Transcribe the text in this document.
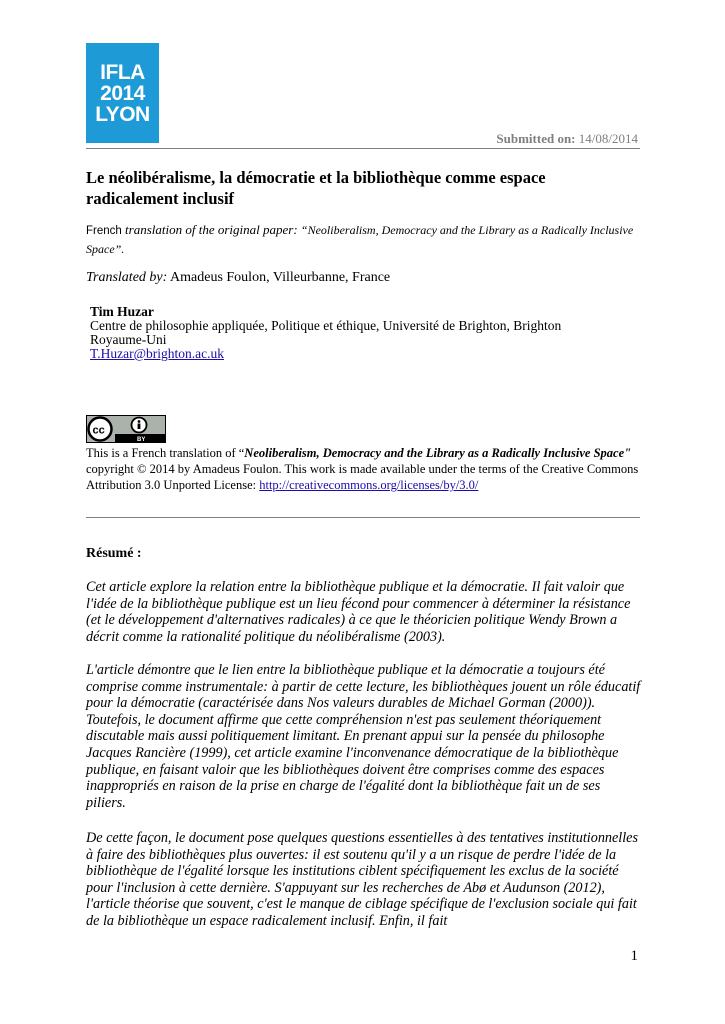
IFLA
2014
LYON
Submitted on: 14/08/2014
Le néolibéralisme, la démocratie et la bibliothèque comme espace radicalement inclusif
French translation of the original paper: “Neoliberalism, Democracy and the Library as a Radically Inclusive Space”.
Translated by: Amadeus Foulon, Villeurbanne, France
Tim Huzar
Centre de philosophie appliquée, Politique et éthique, Université de Brighton, Brighton
Royaume-Uni
T.Huzar@brighton.ac.uk
BY
cc
This is a French translation of “Neoliberalism, Democracy and the Library as a Radically Inclusive Space" copyright © 2014 by Amadeus Foulon. This work is made available under the terms of the Creative Commons Attribution 3.0 Unported License: http://creativecommons.org/licenses/by/3.0/
Résumé :

Cet article explore la relation entre la bibliothèque publique et la démocratie. Il fait valoir que l'idée de la bibliothèque publique est un lieu fécond pour commencer à déterminer la résistance (et le développement d'alternatives radicales) à ce que le théoricien politique Wendy Brown a décrit comme la rationalité politique du néolibéralisme (2003).

L'article démontre que le lien entre la bibliothèque publique et la démocratie a toujours été comprise comme instrumentale: à partir de cette lecture, les bibliothèques jouent un rôle éducatif pour la démocratie (caractérisée dans Nos valeurs durables de Michael Gorman (2000)). Toutefois, le document affirme que cette compréhension n'est pas seulement théoriquement discutable mais aussi politiquement limitant. En prenant appui sur la pensée du philosophe Jacques Rancière (1999), cet article examine l'inconvenance démocratique de la bibliothèque publique, en faisant valoir que les bibliothèques doivent être comprises comme des espaces inappropriés en raison de la prise en charge de l'égalité dont la bibliothèque fait un de ses piliers.

De cette façon, le document pose quelques questions essentielles à des tentatives institutionnelles à faire des bibliothèques plus ouvertes: il est soutenu qu'il y a un risque de perdre l'idée de la bibliothèque de l'égalité lorsque les institutions ciblent spécifiquement les exclus de la société pour l'inclusion à cette dernière. S'appuyant sur les recherches de Abø et Audunson (2012), l'article théorise que souvent, c'est le manque de ciblage spécifique de l'exclusion sociale qui fait de la bibliothèque un espace radicalement inclusif. Enfin, il fait

1
